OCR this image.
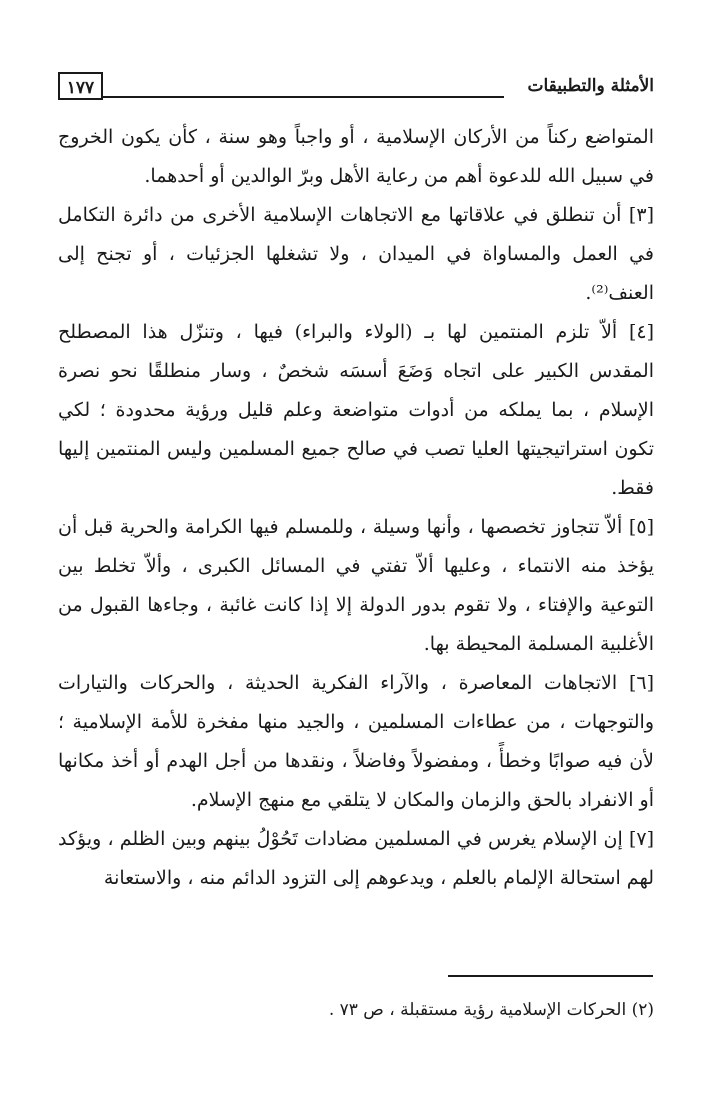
الأمثلة والتطبيقات
١٧٧

المتواضع ركناً من الأركان الإسلامية ، أو واجباً وهو سنة ، كأن يكون الخروج في سبيل الله للدعوة أهم من رعاية الأهل وبرّ الوالدين أو أحدهما.

[٣] أن تنطلق في علاقاتها مع الاتجاهات الإسلامية الأخرى من دائرة التكامل في العمل والمساواة في الميدان ، ولا تشغلها الجزئيات ، أو تجنح إلى العنف⁽²⁾.

[٤] ألاّ تلزم المنتمين لها بـ (الولاء والبراء) فيها ، وتنزّل هذا المصطلح المقدس الكبير على اتجاه وَضَعَ أسسَه شخصٌ ، وسار منطلقًا نحو نصرة الإسلام ، بما يملكه من أدوات متواضعة وعلم قليل ورؤية محدودة ؛ لكي تكون استراتيجيتها العليا تصب في صالح جميع المسلمين وليس المنتمين إليها فقط.

[٥] ألاّ تتجاوز تخصصها ، وأنها وسيلة ، وللمسلم فيها الكرامة والحرية قبل أن يؤخذ منه الانتماء ، وعليها ألاّ تفتي في المسائل الكبرى ، وألاّ تخلط بين التوعية والإفتاء ، ولا تقوم بدور الدولة إلا إذا كانت غائبة ، وجاءها القبول من الأغلبية المسلمة المحيطة بها.

[٦] الاتجاهات المعاصرة ، والآراء الفكرية الحديثة ، والحركات والتيارات والتوجهات ، من عطاءات المسلمين ، والجيد منها مفخرة للأمة الإسلامية ؛ لأن فيه صوابًا وخطأً ، ومفضولاً وفاضلاً ، ونقدها من أجل الهدم أو أخذ مكانها أو الانفراد بالحق والزمان والمكان لا يتلقي مع منهج الإسلام.

[٧] إن الإسلام يغرس في المسلمين مضادات تَحُوْلُ بينهم وبين الظلم ، ويؤكد لهم استحالة الإلمام بالعلم ، ويدعوهم إلى التزود الدائم منه ، والاستعانة

(٢) الحركات الإسلامية رؤية مستقبلة ، ص ٧٣ .
